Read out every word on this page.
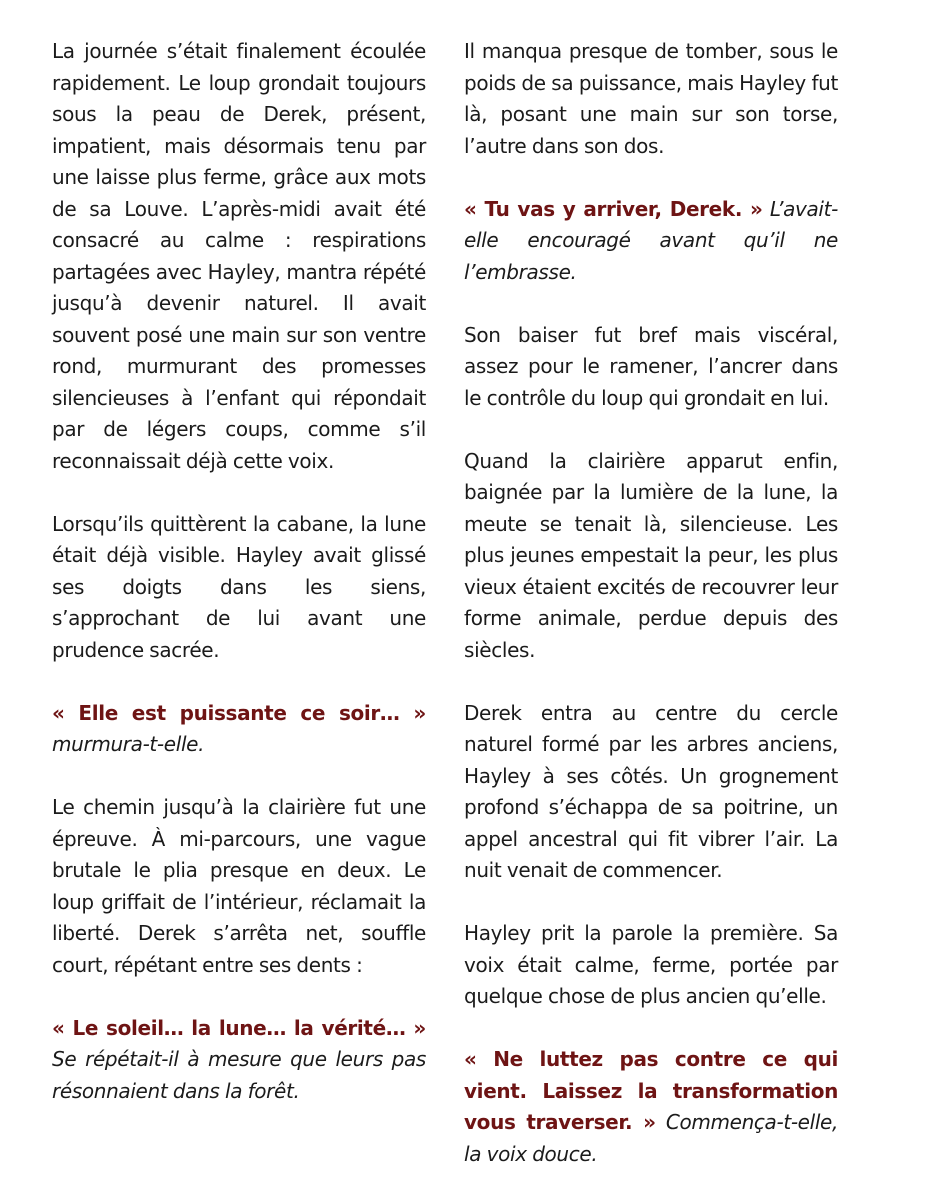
La journée s’était finalement écoulée rapidement. Le loup grondait toujours sous la peau de Derek, présent, impatient, mais désormais tenu par une laisse plus ferme, grâce aux mots de sa Louve. L’après-midi avait été consacré au calme : respirations partagées avec Hayley, mantra répété jusqu’à devenir naturel. Il avait souvent posé une main sur son ventre rond, murmurant des promesses silencieuses à l’enfant qui répondait par de légers coups, comme s’il reconnaissait déjà cette voix.

Lorsqu’ils quittèrent la cabane, la lune était déjà visible. Hayley avait glissé ses doigts dans les siens, s’approchant de lui avant une prudence sacrée.

« Elle est puissante ce soir… » murmura-t-elle.

Le chemin jusqu’à la clairière fut une épreuve. À mi-parcours, une vague brutale le plia presque en deux. Le loup griffait de l’intérieur, réclamait la liberté. Derek s’arrêta net, souffle court, répétant entre ses dents :

« Le soleil… la lune… la vérité… » Se répétait-il à mesure que leurs pas résonnaient dans la forêt.

Il manqua presque de tomber, sous le poids de sa puissance, mais Hayley fut là, posant une main sur son torse, l’autre dans son dos.

« Tu vas y arriver, Derek. » L’avait-elle encouragé avant qu’il ne l’embrasse.

Son baiser fut bref mais viscéral, assez pour le ramener, l’ancrer dans le contrôle du loup qui grondait en lui.

Quand la clairière apparut enfin, baignée par la lumière de la lune, la meute se tenait là, silencieuse. Les plus jeunes empestait la peur, les plus vieux étaient excités de recouvrer leur forme animale, perdue depuis des siècles.

Derek entra au centre du cercle naturel formé par les arbres anciens, Hayley à ses côtés. Un grognement profond s’échappa de sa poitrine, un appel ancestral qui fit vibrer l’air. La nuit venait de commencer.

Hayley prit la parole la première. Sa voix était calme, ferme, portée par quelque chose de plus ancien qu’elle.

« Ne luttez pas contre ce qui vient. Laissez la transformation vous traverser. » Commença-t-elle, la voix douce.
